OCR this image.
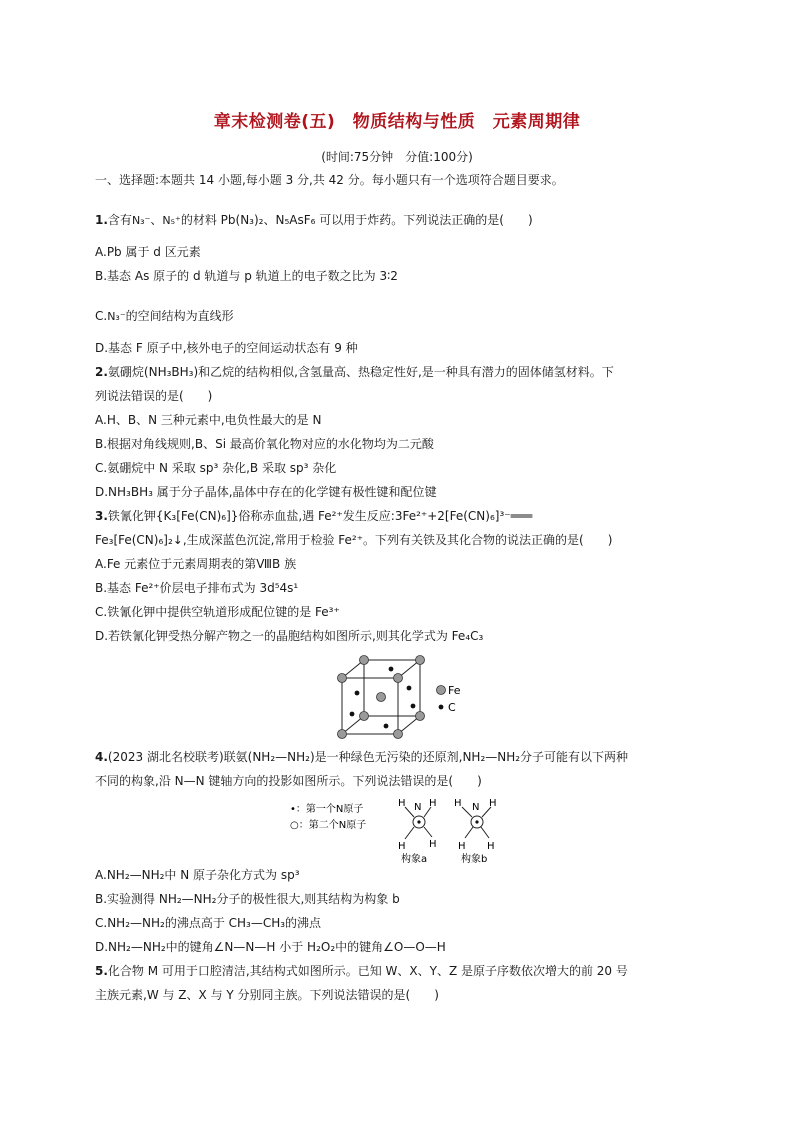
章末检测卷(五)　物质结构与性质　元素周期律
(时间:75分钟　分值:100分)
一、选择题:本题共 14 小题,每小题 3 分,共 42 分。每小题只有一个选项符合题目要求。
1.含有N₃⁻、N₅⁺的材料 Pb(N₃)₂、N₅AsF₆ 可以用于炸药。下列说法正确的是(　　)
A.Pb 属于 d 区元素
B.基态 As 原子的 d 轨道与 p 轨道上的电子数之比为 3∶2
C.N₃⁻的空间结构为直线形
D.基态 F 原子中,核外电子的空间运动状态有 9 种
2.氨硼烷(NH₃BH₃)和乙烷的结构相似,含氢量高、热稳定性好,是一种具有潜力的固体储氢材料。下
列说法错误的是(　　)
A.H、B、N 三种元素中,电负性最大的是 N
B.根据对角线规则,B、Si 最高价氧化物对应的水化物均为二元酸
C.氨硼烷中 N 采取 sp³ 杂化,B 采取 sp³ 杂化
D.NH₃BH₃ 属于分子晶体,晶体中存在的化学键有极性键和配位键
3.铁氰化钾{K₃[Fe(CN)₆]}俗称赤血盐,遇 Fe²⁺发生反应:3Fe²⁺+2[Fe(CN)₆]³⁻═══
Fe₃[Fe(CN)₆]₂↓,生成深蓝色沉淀,常用于检验 Fe²⁺。下列有关铁及其化合物的说法正确的是(　　)
A.Fe 元素位于元素周期表的第ⅧB 族
B.基态 Fe²⁺价层电子排布式为 3d⁵4s¹
C.铁氰化钾中提供空轨道形成配位键的是 Fe³⁺
D.若铁氰化钾受热分解产物之一的晶胞结构如图所示,则其化学式为 Fe₄C₃
Fe
C
4.(2023 湖北名校联考)联氨(NH₂—NH₂)是一种绿色无污染的还原剂,NH₂—NH₂分子可能有以下两种
不同的构象,沿 N—N 键轴方向的投影如图所示。下列说法错误的是(　　)
•：第一个N原子
○：第二个N原子
H N H
H H
构象a
H N H
H H
构象b
A.NH₂—NH₂中 N 原子杂化方式为 sp³
B.实验测得 NH₂—NH₂分子的极性很大,则其结构为构象 b
C.NH₂—NH₂的沸点高于 CH₃—CH₃的沸点
D.NH₂—NH₂中的键角∠N—N—H 小于 H₂O₂中的键角∠O—O—H
5.化合物 M 可用于口腔清洁,其结构式如图所示。已知 W、X、Y、Z 是原子序数依次增大的前 20 号
主族元素,W 与 Z、X 与 Y 分别同主族。下列说法错误的是(　　)
